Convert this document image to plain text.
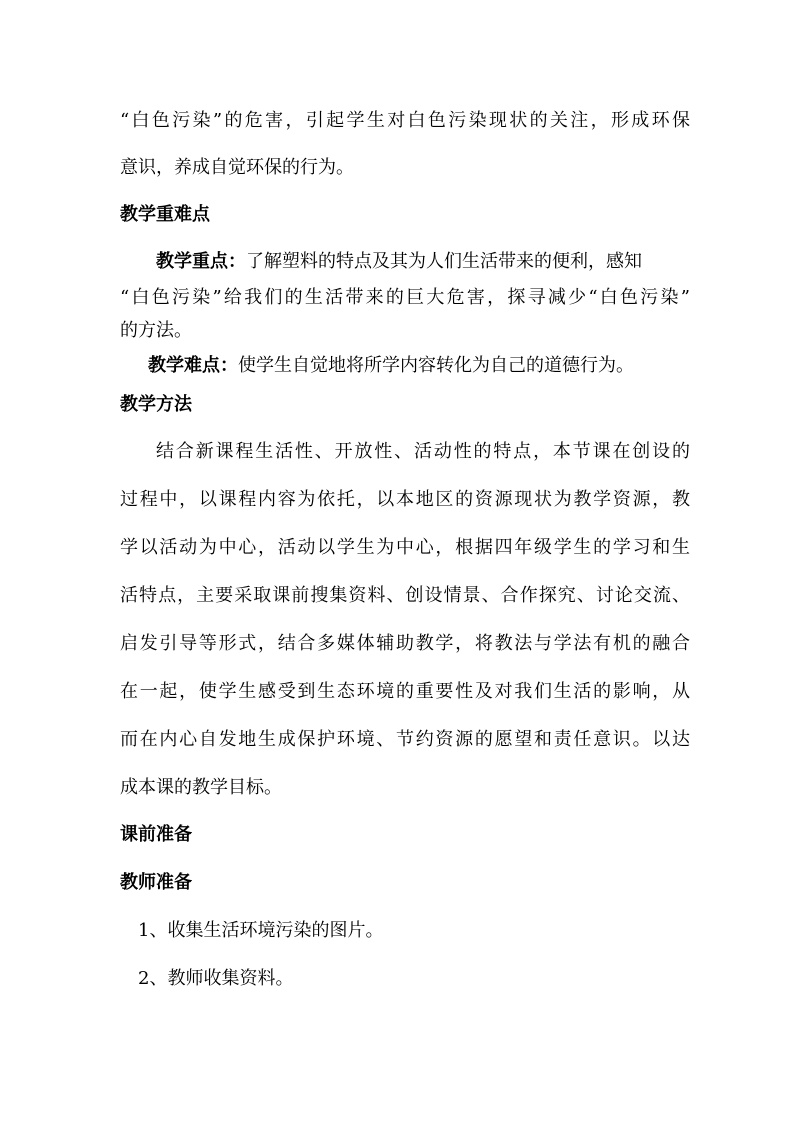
“白色污染”的危害，引起学生对白色污染现状的关注，形成环保
意识，养成自觉环保的行为。
教学重难点
教学重点：了解塑料的特点及其为人们生活带来的便利，感知
“白色污染”给我们的生活带来的巨大危害，探寻减少“白色污染”
的方法。
教学难点：使学生自觉地将所学内容转化为自己的道德行为。
教学方法
结合新课程生活性、开放性、活动性的特点，本节课在创设的
过程中，以课程内容为依托，以本地区的资源现状为教学资源，教
学以活动为中心，活动以学生为中心，根据四年级学生的学习和生
活特点，主要采取课前搜集资料、创设情景、合作探究、讨论交流、
启发引导等形式，结合多媒体辅助教学，将教法与学法有机的融合
在一起，使学生感受到生态环境的重要性及对我们生活的影响，从
而在内心自发地生成保护环境、节约资源的愿望和责任意识。以达
成本课的教学目标。
课前准备
教师准备
1、收集生活环境污染的图片。
2、教师收集资料。
